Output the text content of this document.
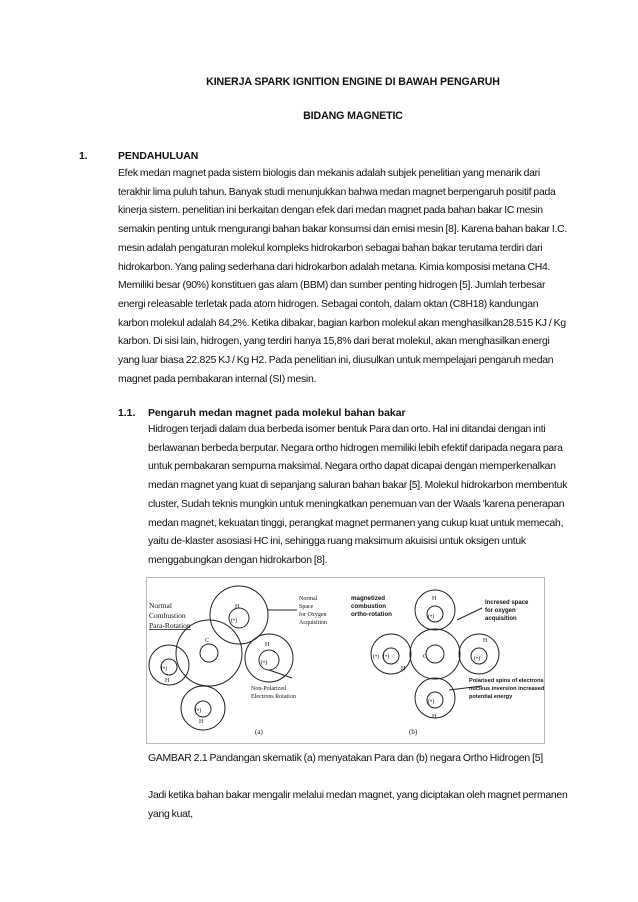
KINERJA SPARK IGNITION ENGINE DI BAWAH PENGARUH
BIDANG MAGNETIC
1.	PENDAHULUAN
Efek medan magnet pada sistem biologis dan mekanis adalah subjek penelitian yang menarik dari terakhir lima puluh tahun. Banyak studi menunjukkan bahwa medan magnet berpengaruh positif pada kinerja sistem. penelitian ini berkaitan dengan efek dari medan magnet pada bahan bakar IC mesin semakin penting untuk mengurangi bahan bakar konsumsi dan emisi mesin [8]. Karena bahan bakar I.C. mesin adalah pengaturan molekul kompleks hidrokarbon sebagai bahan bakar terutama terdiri dari hidrokarbon. Yang paling sederhana dari hidrokarbon adalah metana. Kimia komposisi metana CH4. Memiliki besar (90%) konstituen gas alam (BBM) dan sumber penting hidrogen [5]. Jumlah terbesar energi releasable terletak pada atom hidrogen. Sebagai contoh, dalam oktan (C8H18) kandungan karbon molekul adalah 84,2%. Ketika dibakar, bagian karbon molekul akan menghasilkan28.515 KJ / Kg karbon. Di sisi lain, hidrogen, yang terdiri hanya 15,8% dari berat molekul, akan menghasilkan energi yang luar biasa 22.825 KJ / Kg H2. Pada penelitian ini, diusulkan untuk mempelajari pengaruh medan magnet pada pembakaran internal (SI) mesin.
1.1. Pengaruh medan magnet pada molekul bahan bakar
Hidrogen terjadi dalam dua berbeda isomer bentuk Para dan orto. Hal ini ditandai dengan inti berlawanan berbeda berputar. Negara ortho hidrogen memiliki lebih efektif daripada negara para untuk pembakaran sempurna maksimal. Negara ortho dapat dicapai dengan memperkenalkan medan magnet yang kuat di sepanjang saluran bahan bakar [5]. Molekul hidrokarbon membentuk cluster, Sudah teknis mungkin untuk meningkatkan penemuan van der Waals 'karena penerapan medan magnet, kekuatan tinggi, perangkat magnet permanen yang cukup kuat untuk memecah, yaitu de-klaster asosiasi HC ini, sehingga ruang maksimum akuisisi untuk oksigen untuk menggabungkan dengan hidrokarbon [8].
Normal
Combustion
Para-Rotation
Normal
Space
for Oxygen
Acquisition
Non-Polarized
Electrons Rotation
(a)
H
C
H
H
H
(•)
(•)
(•)
(•)
magnetized
combustion
ortho-rotation
Incresed space
for oxygen
acquisition
Polarised spins of electrons
nucleus inversion increased
potential energy
(b)
H
C
H
H
H
(•)
(•) (•)	(•)
(•)
GAMBAR 2.1 Pandangan skematik (a) menyatakan Para dan (b) negara Ortho Hidrogen [5]
Jadi ketika bahan bakar mengalir melalui medan magnet, yang diciptakan oleh magnet permanen yang kuat,
